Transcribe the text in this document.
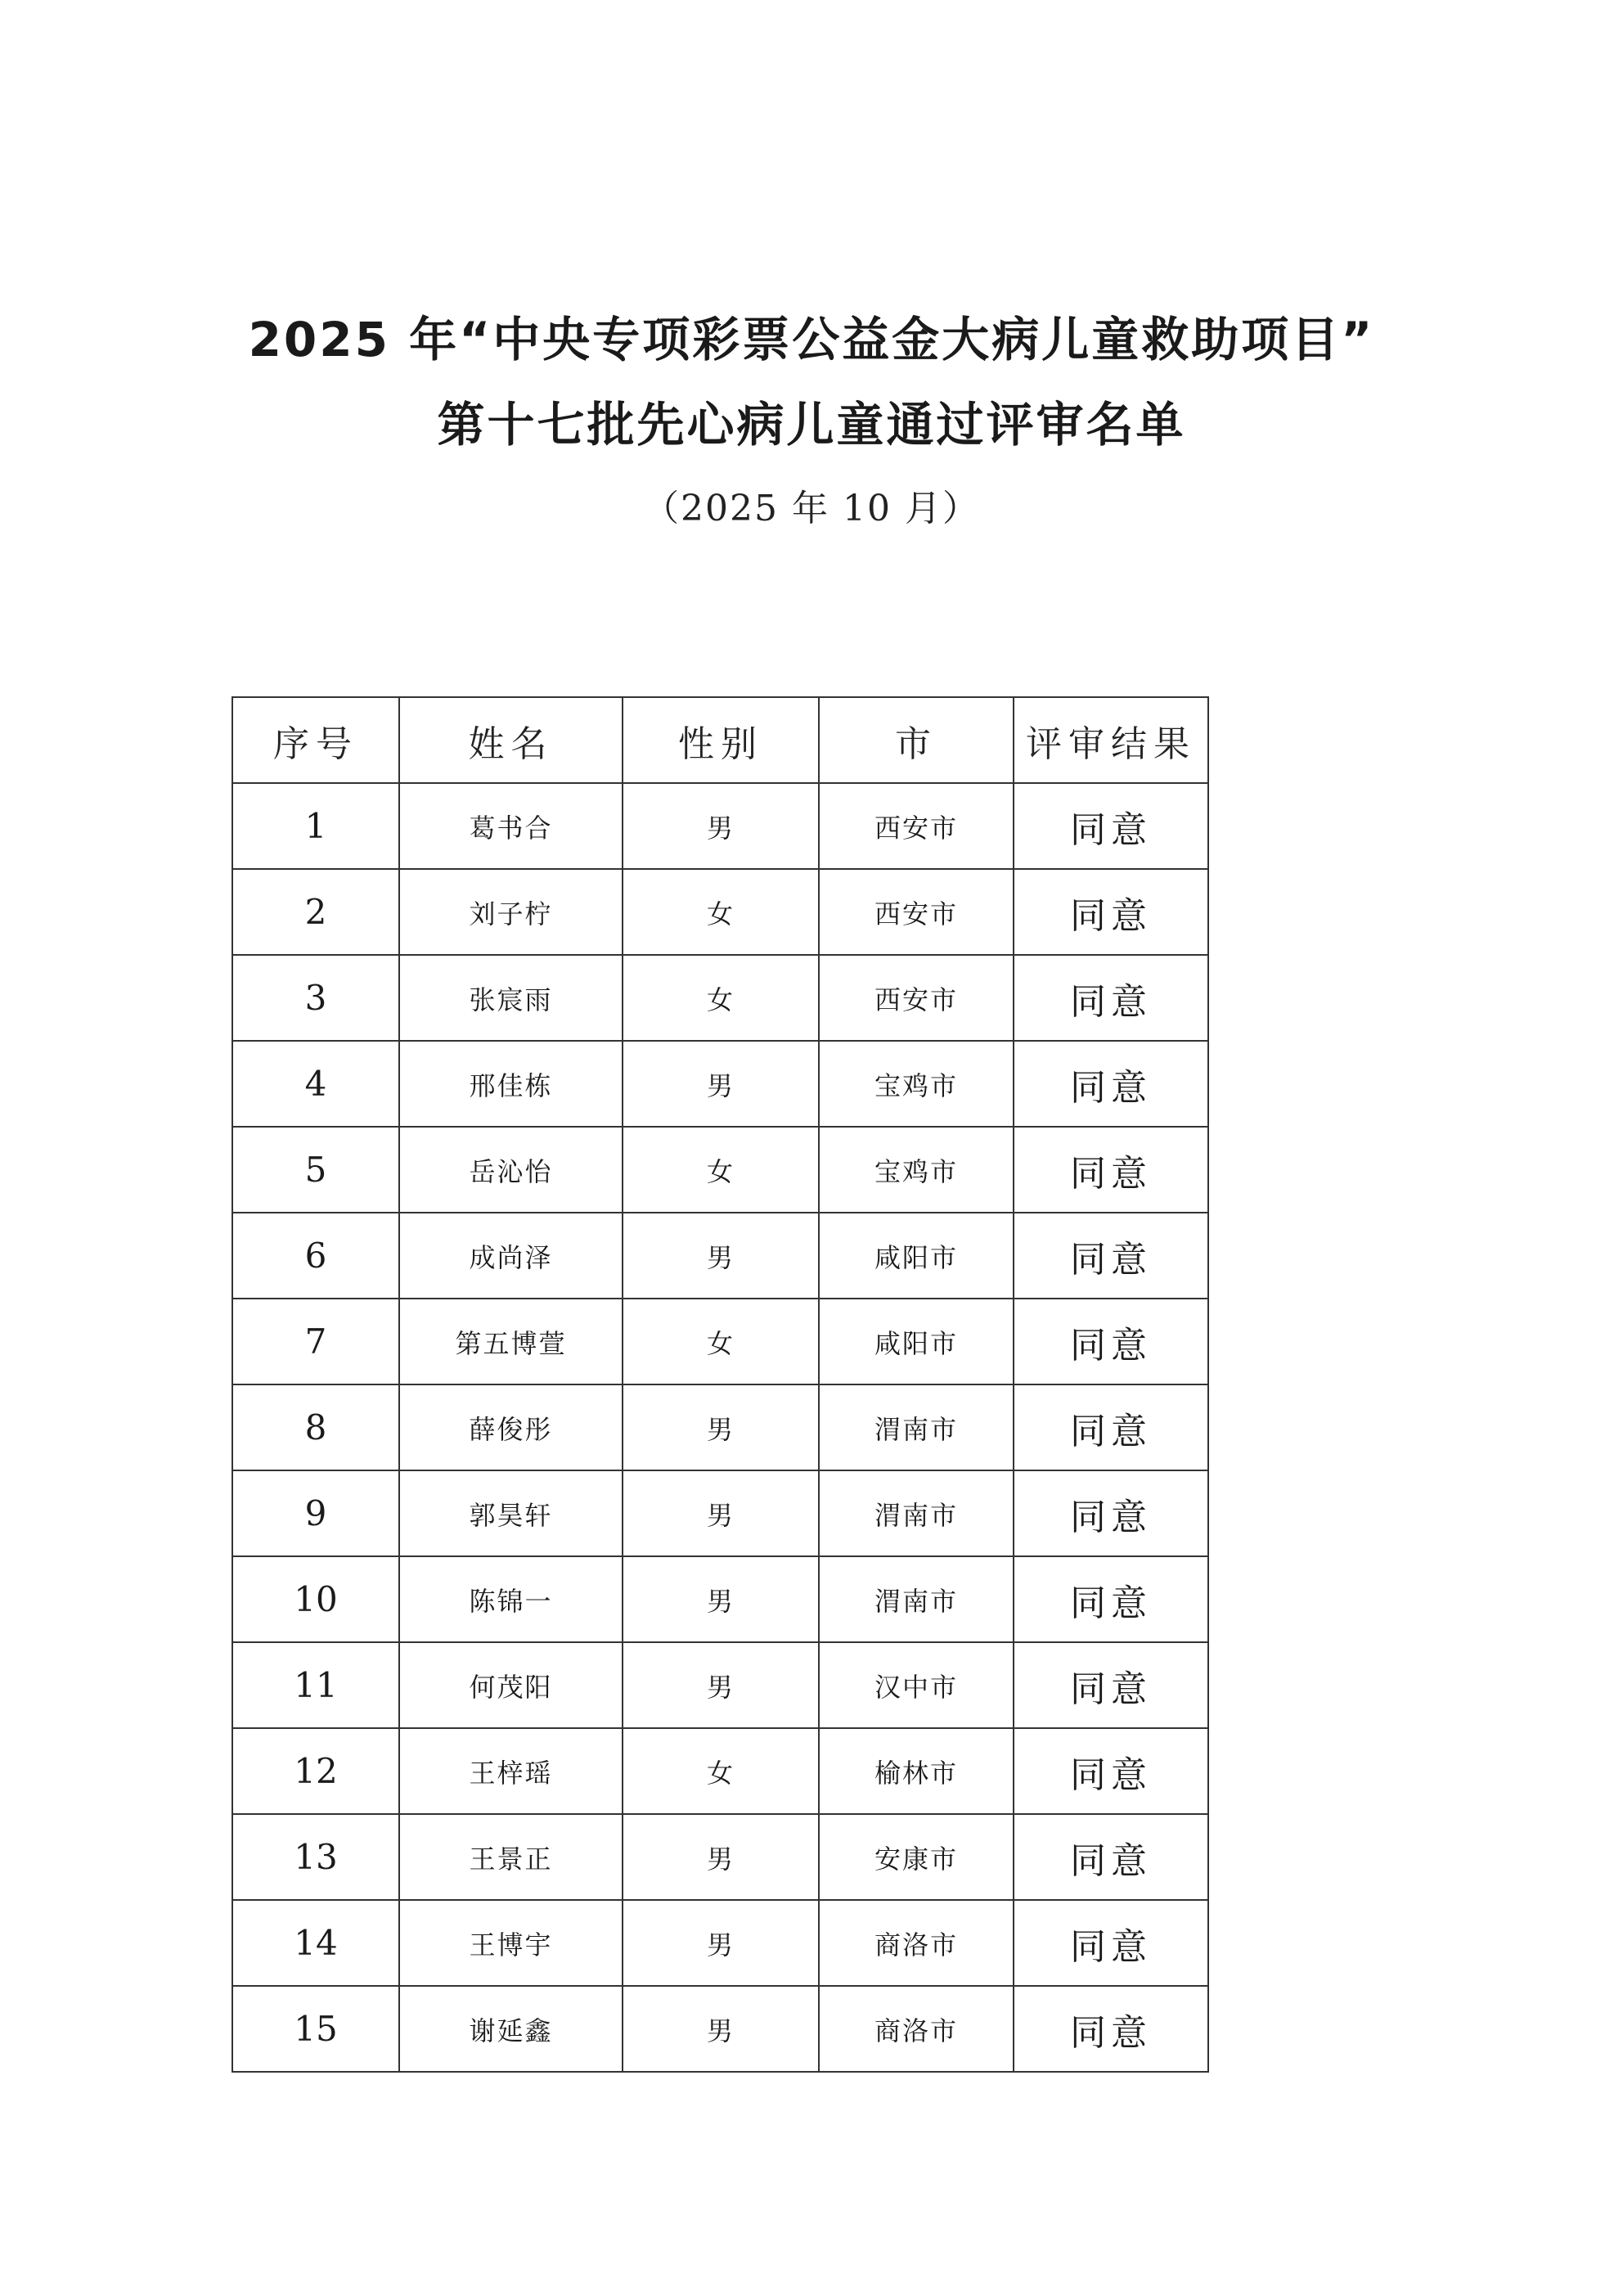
2025 年“中央专项彩票公益金大病儿童救助项目”
第十七批先心病儿童通过评审名单
（2025 年 10 月）
序号	姓名	性别	市	评审结果
1	葛书合	男	西安市	同意
2	刘子柠	女	西安市	同意
3	张宸雨	女	西安市	同意
4	邢佳栋	男	宝鸡市	同意
5	岳沁怡	女	宝鸡市	同意
6	成尚泽	男	咸阳市	同意
7	第五博萱	女	咸阳市	同意
8	薛俊彤	男	渭南市	同意
9	郭昊轩	男	渭南市	同意
10	陈锦一	男	渭南市	同意
11	何茂阳	男	汉中市	同意
12	王梓瑶	女	榆林市	同意
13	王景正	男	安康市	同意
14	王博宇	男	商洛市	同意
15	谢延鑫	男	商洛市	同意
